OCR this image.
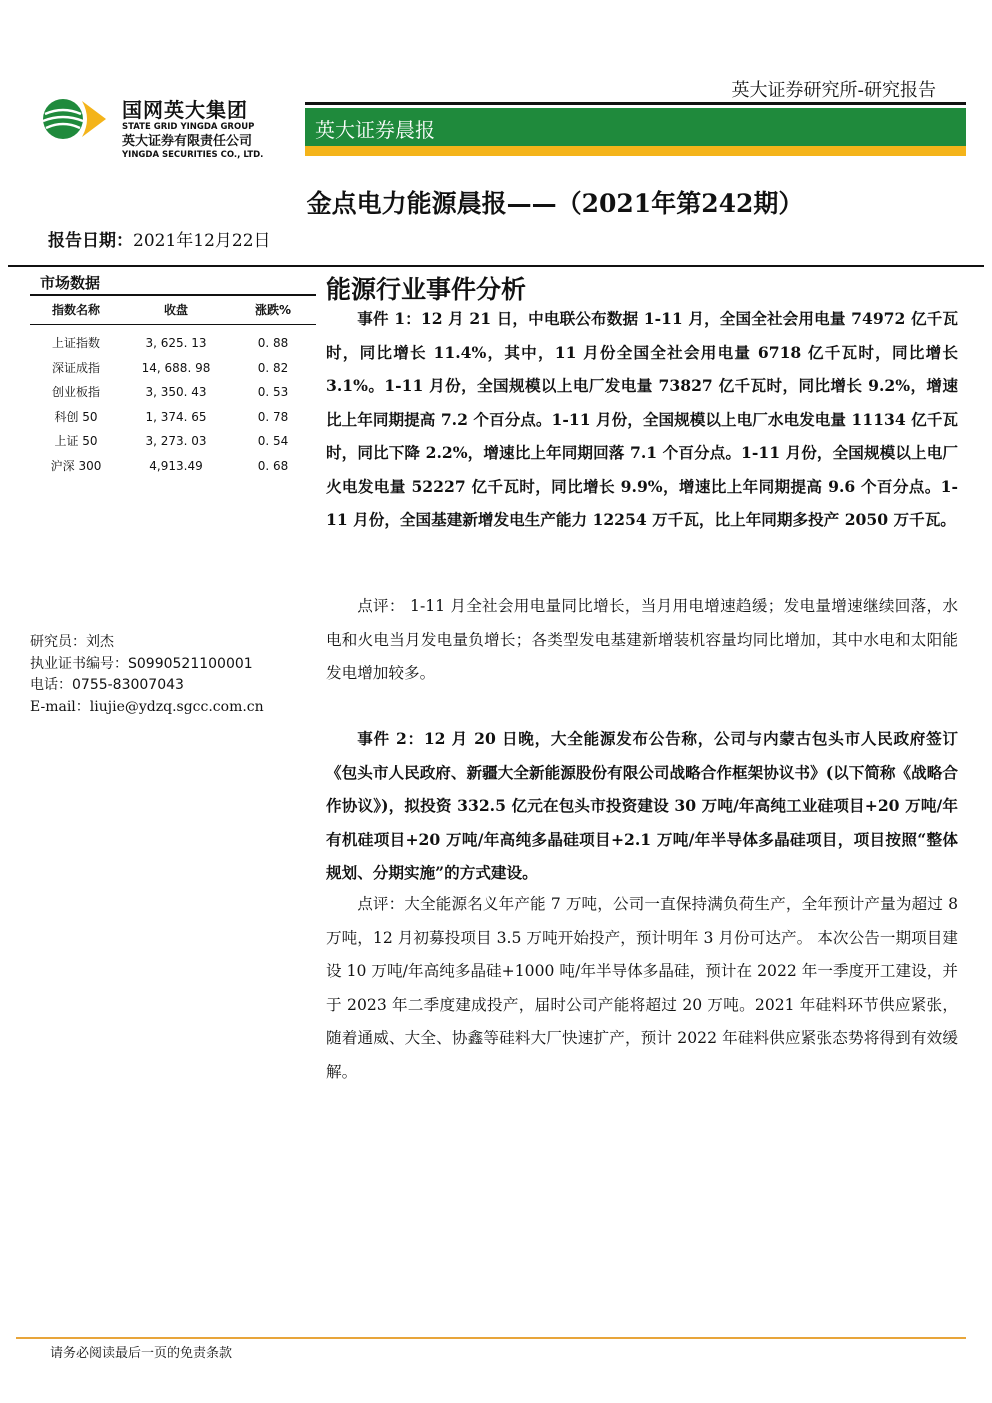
英大证券研究所-研究报告
国网英大集团
STATE GRID YINGDA GROUP
英大证券有限责任公司
YINGDA SECURITIES CO., LTD.
英大证券晨报
金点电力能源晨报——（2021年第242期）
报告日期：2021年12月22日
市场数据
指数名称	收盘	涨跌%
上证指数	3, 625. 13	0. 88
深证成指	14, 688. 98	0. 82
创业板指	3, 350. 43	0. 53
科创 50	1, 374. 65	0. 78
上证 50	3, 273. 03	0. 54
沪深 300	4,913.49	0. 68
研究员：刘杰
执业证书编号：S0990521100001
电话：0755-83007043
E-mail：liujie@ydzq.sgcc.com.cn
能源行业事件分析
事件 1：12 月 21 日，中电联公布数据 1-11 月，全国全社会用电量 74972 亿千瓦时，同比增长 11.4%，其中，11 月份全国全社会用电量 6718 亿千瓦时，同比增长 3.1%。1-11 月份，全国规模以上电厂发电量 73827 亿千瓦时，同比增长 9.2%，增速比上年同期提高 7.2 个百分点。1-11 月份，全国规模以上电厂水电发电量 11134 亿千瓦时，同比下降 2.2%，增速比上年同期回落 7.1 个百分点。1-11 月份，全国规模以上电厂火电发电量 52227 亿千瓦时，同比增长 9.9%，增速比上年同期提高 9.6 个百分点。1-11 月份，全国基建新增发电生产能力 12254 万千瓦，比上年同期多投产 2050 万千瓦。
点评： 1-11 月全社会用电量同比增长，当月用电增速趋缓；发电量增速继续回落，水电和火电当月发电量负增长；各类型发电基建新增装机容量均同比增加，其中水电和太阳能发电增加较多。
事件 2：12 月 20 日晚，大全能源发布公告称，公司与内蒙古包头市人民政府签订《包头市人民政府、新疆大全新能源股份有限公司战略合作框架协议书》(以下简称《战略合作协议》)，拟投资 332.5 亿元在包头市投资建设 30 万吨/年高纯工业硅项目+20 万吨/年有机硅项目+20 万吨/年高纯多晶硅项目+2.1 万吨/年半导体多晶硅项目，项目按照“整体规划、分期实施”的方式建设。
点评：大全能源名义年产能 7 万吨，公司一直保持满负荷生产，全年预计产量为超过 8 万吨，12 月初募投项目 3.5 万吨开始投产，预计明年 3 月份可达产。 本次公告一期项目建设 10 万吨/年高纯多晶硅+1000 吨/年半导体多晶硅，预计在 2022 年一季度开工建设，并于 2023 年二季度建成投产，届时公司产能将超过 20 万吨。2021 年硅料环节供应紧张，随着通威、大全、协鑫等硅料大厂快速扩产，预计 2022 年硅料供应紧张态势将得到有效缓解。
请务必阅读最后一页的免责条款
